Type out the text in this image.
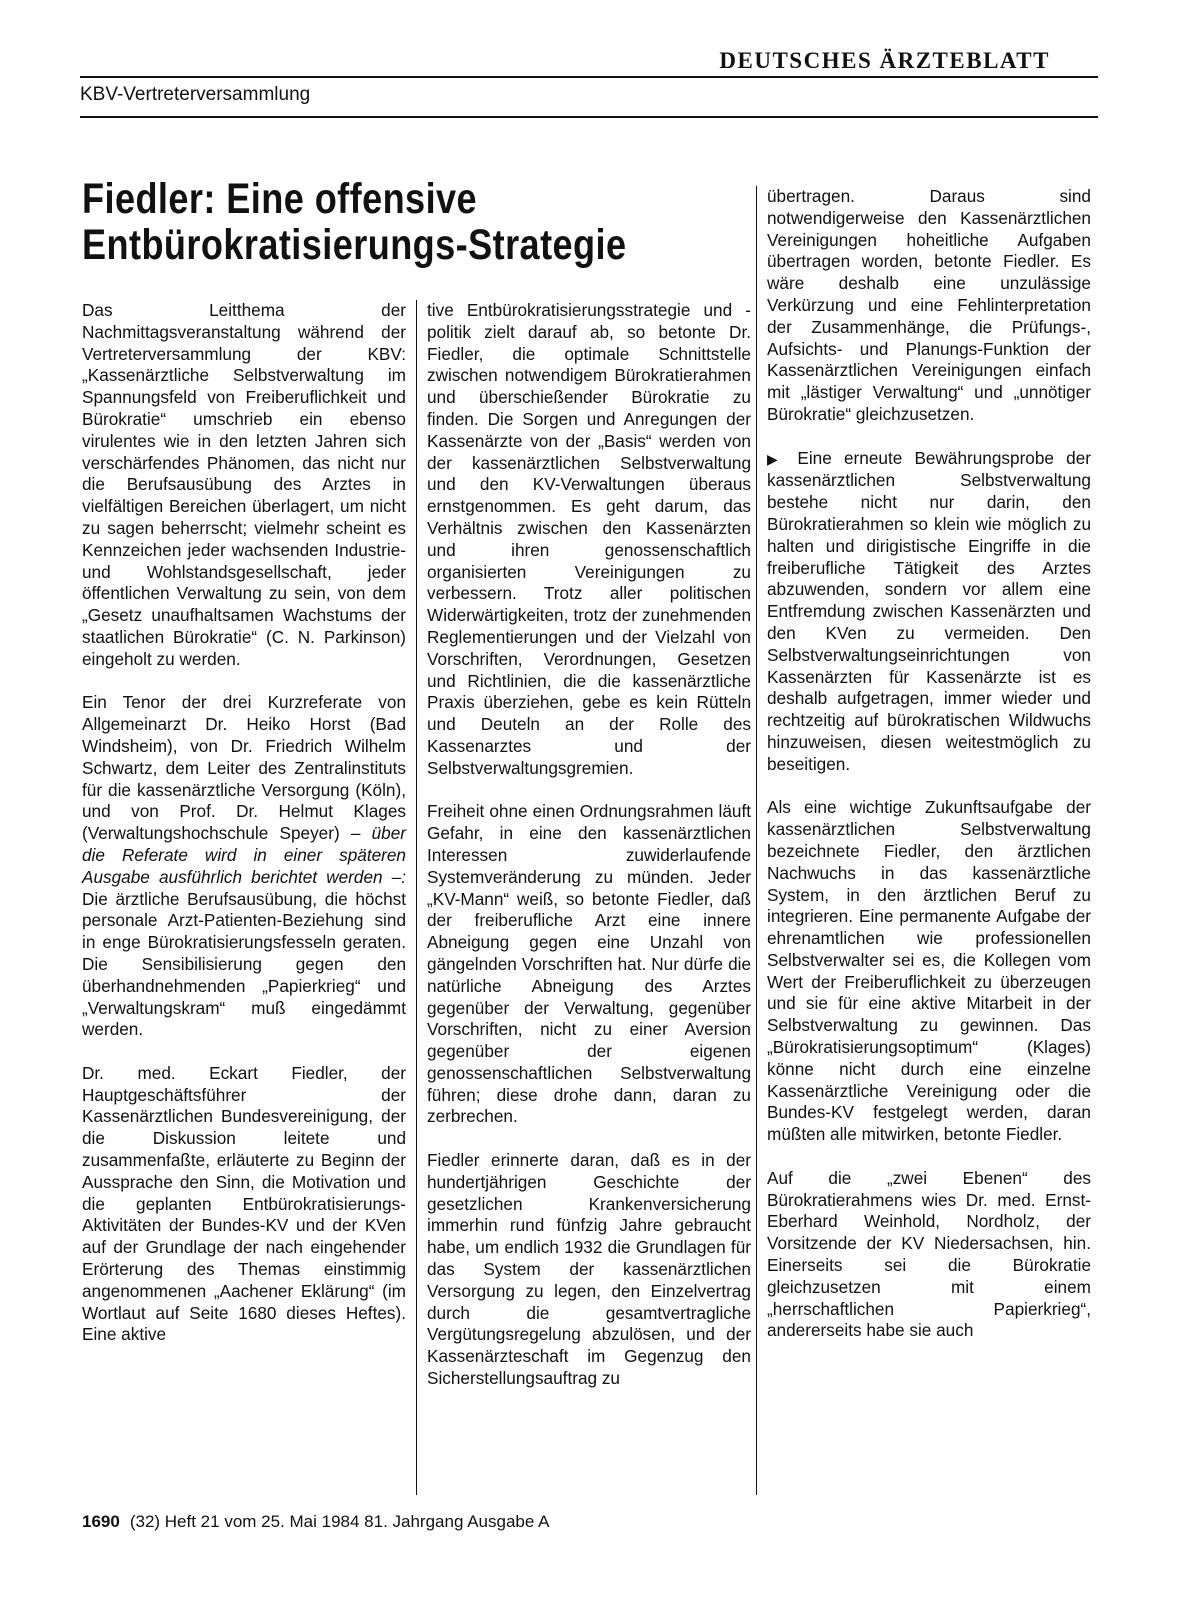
DEUTSCHES ÄRZTEBLATT
KBV-Vertreterversammlung
Fiedler: Eine offensive
Entbürokratisierungs-Strategie

Das Leitthema der Nachmittagsveranstaltung während der Vertreterversammlung der KBV: „Kassenärztliche Selbstverwaltung im Spannungsfeld von Freiberuflichkeit und Bürokratie“ umschrieb ein ebenso virulentes wie in den letzten Jahren sich verschärfendes Phänomen, das nicht nur die Berufsausübung des Arztes in vielfältigen Bereichen überlagert, um nicht zu sagen beherrscht; vielmehr scheint es Kennzeichen jeder wachsenden Industrie- und Wohlstandsgesellschaft, jeder öffentlichen Verwaltung zu sein, von dem „Gesetz unaufhaltsamen Wachstums der staatlichen Bürokratie“ (C. N. Parkinson) eingeholt zu werden.

Ein Tenor der drei Kurzreferate von Allgemeinarzt Dr. Heiko Horst (Bad Windsheim), von Dr. Friedrich Wilhelm Schwartz, dem Leiter des Zentralinstituts für die kassenärztliche Versorgung (Köln), und von Prof. Dr. Helmut Klages (Verwaltungshochschule Speyer) – über die Referate wird in einer späteren Ausgabe ausführlich berichtet werden –: Die ärztliche Berufsausübung, die höchst personale Arzt-Patienten-Beziehung sind in enge Bürokratisierungsfesseln geraten. Die Sensibilisierung gegen den überhandnehmenden „Papierkrieg“ und „Verwaltungskram“ muß eingedämmt werden.

Dr. med. Eckart Fiedler, der Hauptgeschäftsführer der Kassenärztlichen Bundesvereinigung, der die Diskussion leitete und zusammenfaßte, erläuterte zu Beginn der Aussprache den Sinn, die Motivation und die geplanten Entbürokratisierungs-Aktivitäten der Bundes-KV und der KVen auf der Grundlage der nach eingehender Erörterung des Themas einstimmig angenommenen „Aachener Eklärung“ (im Wortlaut auf Seite 1680 dieses Heftes). Eine aktive

tive Entbürokratisierungsstrategie und -politik zielt darauf ab, so betonte Dr. Fiedler, die optimale Schnittstelle zwischen notwendigem Bürokratierahmen und überschießender Bürokratie zu finden. Die Sorgen und Anregungen der Kassenärzte von der „Basis“ werden von der kassenärztlichen Selbstverwaltung und den KV-Verwaltungen überaus ernstgenommen. Es geht darum, das Verhältnis zwischen den Kassenärzten und ihren genossenschaftlich organisierten Vereinigungen zu verbessern. Trotz aller politischen Widerwärtigkeiten, trotz der zunehmenden Reglementierungen und der Vielzahl von Vorschriften, Verordnungen, Gesetzen und Richtlinien, die die kassenärztliche Praxis überziehen, gebe es kein Rütteln und Deuteln an der Rolle des Kassenarztes und der Selbstverwaltungsgremien.

Freiheit ohne einen Ordnungsrahmen läuft Gefahr, in eine den kassenärztlichen Interessen zuwiderlaufende Systemveränderung zu münden. Jeder „KV-Mann“ weiß, so betonte Fiedler, daß der freiberufliche Arzt eine innere Abneigung gegen eine Unzahl von gängelnden Vorschriften hat. Nur dürfe die natürliche Abneigung des Arztes gegenüber der Verwaltung, gegenüber Vorschriften, nicht zu einer Aversion gegenüber der eigenen genossenschaftlichen Selbstverwaltung führen; diese drohe dann, daran zu zerbrechen.

Fiedler erinnerte daran, daß es in der hundertjährigen Geschichte der gesetzlichen Krankenversicherung immerhin rund fünfzig Jahre gebraucht habe, um endlich 1932 die Grundlagen für das System der kassenärztlichen Versorgung zu legen, den Einzelvertrag durch die gesamtvertragliche Vergütungsregelung abzulösen, und der Kassenärzteschaft im Gegenzug den Sicherstellungsauftrag zu

übertragen. Daraus sind notwendigerweise den Kassenärztlichen Vereinigungen hoheitliche Aufgaben übertragen worden, betonte Fiedler. Es wäre deshalb eine unzulässige Verkürzung und eine Fehlinterpretation der Zusammenhänge, die Prüfungs-, Aufsichts- und Planungs-Funktion der Kassenärztlichen Vereinigungen einfach mit „lästiger Verwaltung“ und „unnötiger Bürokratie“ gleichzusetzen.

▶ Eine erneute Bewährungsprobe der kassenärztlichen Selbstverwaltung bestehe nicht nur darin, den Bürokratierahmen so klein wie möglich zu halten und dirigistische Eingriffe in die freiberufliche Tätigkeit des Arztes abzuwenden, sondern vor allem eine Entfremdung zwischen Kassenärzten und den KVen zu vermeiden. Den Selbstverwaltungseinrichtungen von Kassenärzten für Kassenärzte ist es deshalb aufgetragen, immer wieder und rechtzeitig auf bürokratischen Wildwuchs hinzuweisen, diesen weitestmöglich zu beseitigen.

Als eine wichtige Zukunftsaufgabe der kassenärztlichen Selbstverwaltung bezeichnete Fiedler, den ärztlichen Nachwuchs in das kassenärztliche System, in den ärztlichen Beruf zu integrieren. Eine permanente Aufgabe der ehrenamtlichen wie professionellen Selbstverwalter sei es, die Kollegen vom Wert der Freiberuflichkeit zu überzeugen und sie für eine aktive Mitarbeit in der Selbstverwaltung zu gewinnen. Das „Bürokratisierungsoptimum“ (Klages) könne nicht durch eine einzelne Kassenärztliche Vereinigung oder die Bundes-KV festgelegt werden, daran müßten alle mitwirken, betonte Fiedler.

Auf die „zwei Ebenen“ des Bürokratierahmens wies Dr. med. Ernst-Eberhard Weinhold, Nordholz, der Vorsitzende der KV Niedersachsen, hin. Einerseits sei die Bürokratie gleichzusetzen mit einem „herrschaftlichen Papierkrieg“, andererseits habe sie auch

1690 (32) Heft 21 vom 25. Mai 1984 81. Jahrgang Ausgabe A
